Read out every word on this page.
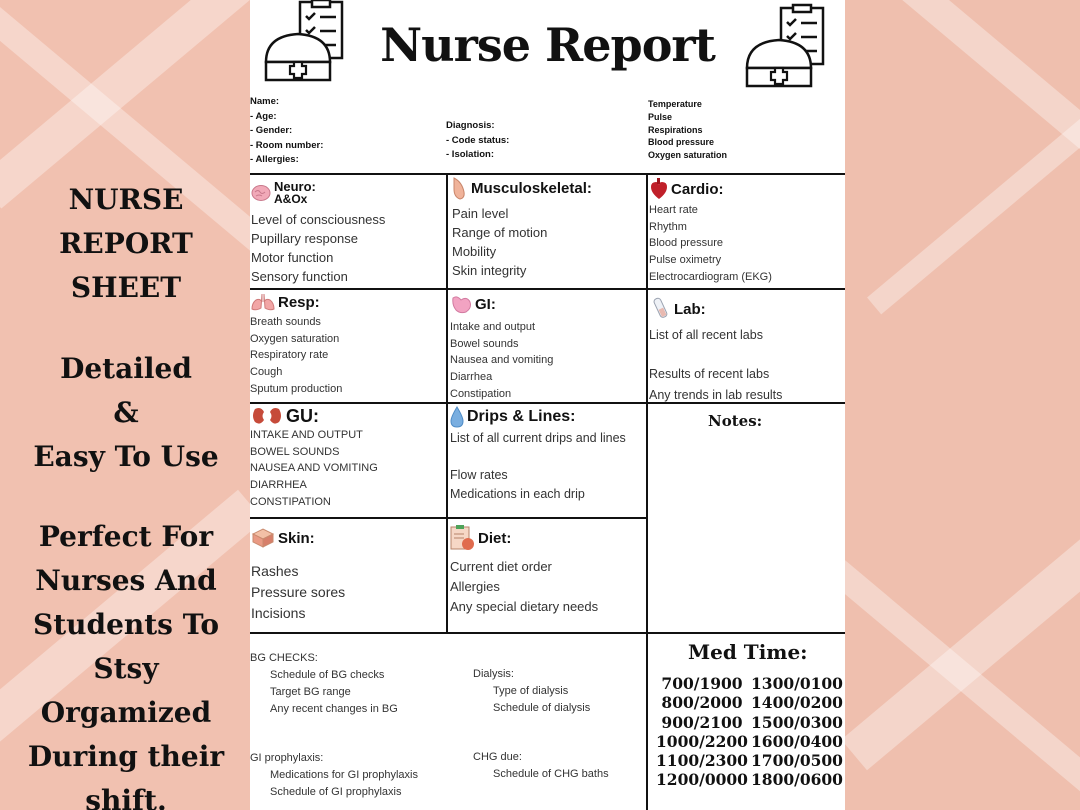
NURSE REPORT
SHEET
Detailed
&
Easy To Use
Perfect For
Nurses And
Students To Stsy
Orgamized
During their
shift.
Nurse Report
Name:
- Age:
- Gender:
- Room number:
- Allergies:
Diagnosis:
- Code status:
- Isolation:
Temperature
Pulse
Respirations
Blood pressure
Oxygen saturation
Neuro:
A&Ox
Level of consciousness
Pupillary response
Motor function
Sensory function
Musculoskeletal:
Pain level
Range of motion
Mobility
Skin integrity
Cardio:
Heart rate
Rhythm
Blood pressure
Pulse oximetry
Electrocardiogram (EKG)
Resp:
Breath sounds
Oxygen saturation
Respiratory rate
Cough
Sputum production
GI:
Intake and output
Bowel sounds
Nausea and vomiting
Diarrhea
Constipation
Lab:
List of all recent labs
Results of recent labs
Any trends in lab results
GU:
INTAKE AND OUTPUT
BOWEL SOUNDS
NAUSEA AND VOMITING
DIARRHEA
CONSTIPATION
Drips & Lines:
List of all current drips and lines
Flow rates
Medications in each drip
Notes:
Skin:
Rashes
Pressure sores
Incisions
Diet:
Current diet order
Allergies
Any special dietary needs
BG CHECKS:
Schedule of BG checks
Target BG range
Any recent changes in BG
Dialysis:
Type of dialysis
Schedule of dialysis
GI prophylaxis:
Medications for GI prophylaxis
Schedule of GI prophylaxis
CHG due:
Schedule of CHG baths
Med Time:
700/1900
800/2000
900/2100
1000/2200
1100/2300
1200/0000
1300/0100
1400/0200
1500/0300
1600/0400
1700/0500
1800/0600
